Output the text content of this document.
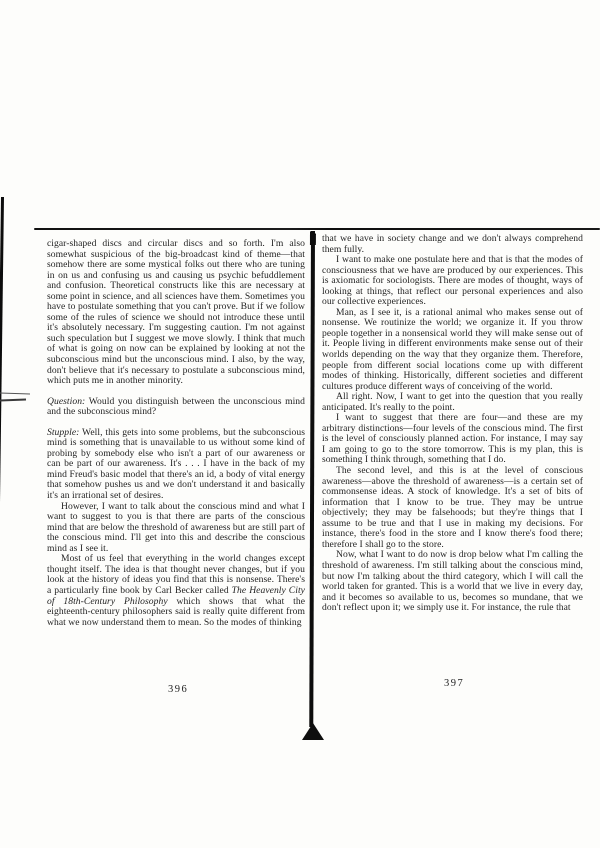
cigar-shaped discs and circular discs and so forth. I'm also somewhat suspicious of the big-broadcast kind of theme—that somehow there are some mystical folks out there who are tuning in on us and confusing us and causing us psychic befuddlement and confusion. Theoretical constructs like this are necessary at some point in science, and all sciences have them. Sometimes you have to postulate something that you can't prove. But if we follow some of the rules of science we should not introduce these until it's absolutely necessary. I'm suggesting caution. I'm not against such speculation but I suggest we move slowly. I think that much of what is going on now can be explained by looking at not the subconscious mind but the unconscious mind. I also, by the way, don't believe that it's necessary to postulate a subconscious mind, which puts me in another minority.

Question: Would you distinguish between the unconscious mind and the subconscious mind?

Stupple: Well, this gets into some problems, but the subconscious mind is something that is unavailable to us without some kind of probing by somebody else who isn't a part of our awareness or can be part of our awareness. It's . . . I have in the back of my mind Freud's basic model that there's an id, a body of vital energy that somehow pushes us and we don't understand it and basically it's an irrational set of desires.

However, I want to talk about the conscious mind and what I want to suggest to you is that there are parts of the conscious mind that are below the threshold of awareness but are still part of the conscious mind. I'll get into this and describe the conscious mind as I see it.

Most of us feel that everything in the world changes except thought itself. The idea is that thought never changes, but if you look at the history of ideas you find that this is nonsense. There's a particularly fine book by Carl Becker called The Heavenly City of 18th-Century Philosophy which shows that what the eighteenth-century philosophers said is really quite different from what we now understand them to mean. So the modes of thinking

that we have in society change and we don't always comprehend them fully.

I want to make one postulate here and that is that the modes of consciousness that we have are produced by our experiences. This is axiomatic for sociologists. There are modes of thought, ways of looking at things, that reflect our personal experiences and also our collective experiences.

Man, as I see it, is a rational animal who makes sense out of nonsense. We routinize the world; we organize it. If you throw people together in a nonsensical world they will make sense out of it. People living in different environments make sense out of their worlds depending on the way that they organize them. Therefore, people from different social locations come up with different modes of thinking. Historically, different societies and different cultures produce different ways of conceiving of the world.

All right. Now, I want to get into the question that you really anticipated. It's really to the point.

I want to suggest that there are four—and these are my arbitrary distinctions—four levels of the conscious mind. The first is the level of consciously planned action. For instance, I may say I am going to go to the store tomorrow. This is my plan, this is something I think through, something that I do.

The second level, and this is at the level of conscious awareness—above the threshold of awareness—is a certain set of commonsense ideas. A stock of knowledge. It's a set of bits of information that I know to be true. They may be untrue objectively; they may be falsehoods; but they're things that I assume to be true and that I use in making my decisions. For instance, there's food in the store and I know there's food there; therefore I shall go to the store.

Now, what I want to do now is drop below what I'm calling the threshold of awareness. I'm still talking about the conscious mind, but now I'm talking about the third category, which I will call the world taken for granted. This is a world that we live in every day, and it becomes so available to us, becomes so mundane, that we don't reflect upon it; we simply use it. For instance, the rule that

396
397
